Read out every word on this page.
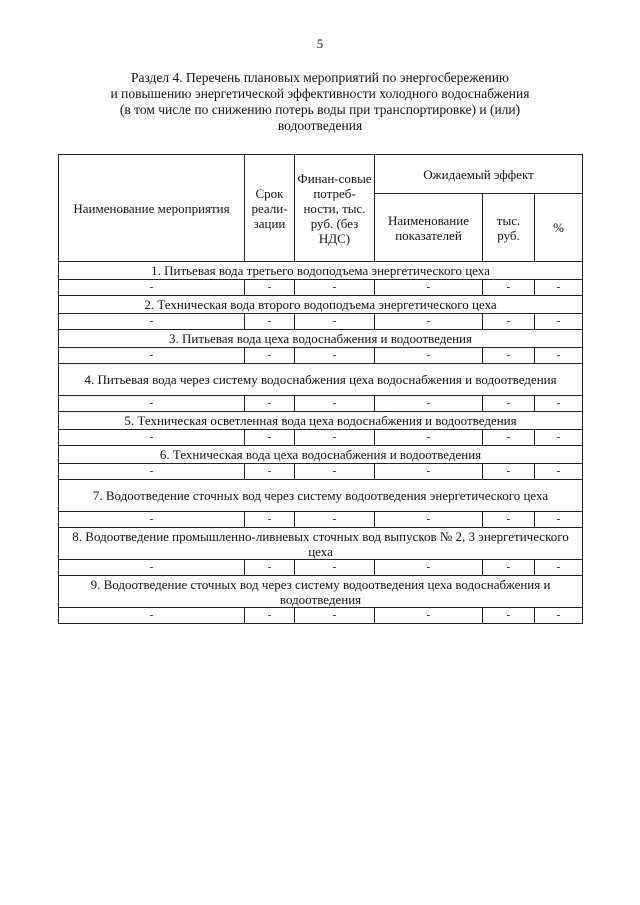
5
Раздел 4. Перечень плановых мероприятий по энергосбережению
и повышению энергетической эффективности холодного водоснабжения
(в том числе по снижению потерь воды при транспортировке) и (или)
водоотведения
Наименование мероприятия	Срок реали-зации	Финан-совые потреб-ности, тыс. руб. (без НДС)	Ожидаемый эффект		
			Наименование показателей	тыс. руб.	%
1. Питьевая вода третьего водоподъема энергетического цеха					
-	-	-	-	-	-
2. Техническая вода второго водоподъема энергетического цеха					
-	-	-	-	-	-
3. Питьевая вода цеха водоснабжения и водоотведения					
-	-	-	-	-	-
4. Питьевая вода через систему водоснабжения цеха водоснабжения и водоотведения					
-	-	-	-	-	-
5. Техническая осветленная вода цеха водоснабжения и водоотведения					
-	-	-	-	-	-
6. Техническая вода цеха водоснабжения и водоотведения					
-	-	-	-	-	-
7. Водоотведение сточных вод через систему водоотведения энергетического цеха					
-	-	-	-	-	-
8. Водоотведение промышленно-ливневых сточных вод выпусков № 2, 3 энергетического цеха					
-	-	-	-	-	-
9. Водоотведение сточных вод через систему водоотведения цеха водоснабжения и водоотведения					
-	-	-	-	-	-
